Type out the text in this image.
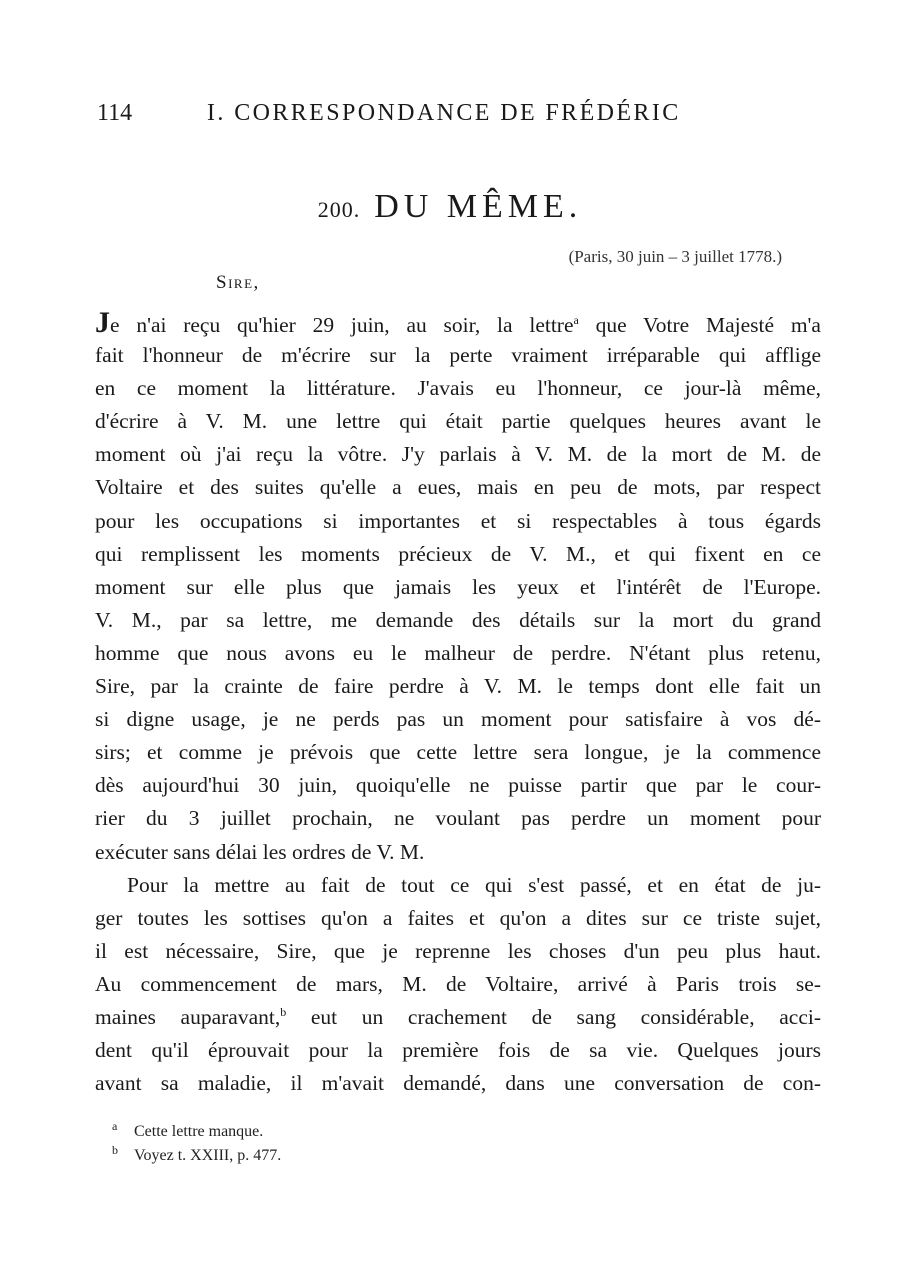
114	I. CORRESPONDANCE DE FRÉDÉRIC
200. DU MÊME.
(Paris, 30 juin – 3 juillet 1778.)
Sire,
Je n'ai reçu qu'hier 29 juin, au soir, la lettre$^a$ que Votre Majesté m'a
fait l'honneur de m'écrire sur la perte vraiment irréparable qui afflige
en ce moment la littérature. J'avais eu l'honneur, ce jour-là même,
d'écrire à V. M. une lettre qui était partie quelques heures avant le
moment où j'ai reçu la vôtre. J'y parlais à V. M. de la mort de M. de
Voltaire et des suites qu'elle a eues, mais en peu de mots, par respect
pour les occupations si importantes et si respectables à tous égards
qui remplissent les moments précieux de V. M., et qui fixent en ce
moment sur elle plus que jamais les yeux et l'intérêt de l'Europe.
V. M., par sa lettre, me demande des détails sur la mort du grand
homme que nous avons eu le malheur de perdre. N'étant plus retenu,
Sire, par la crainte de faire perdre à V. M. le temps dont elle fait un
si digne usage, je ne perds pas un moment pour satisfaire à vos dé-
sirs; et comme je prévois que cette lettre sera longue, je la commence
dès aujourd'hui 30 juin, quoiqu'elle ne puisse partir que par le cour-
rier du 3 juillet prochain, ne voulant pas perdre un moment pour
exécuter sans délai les ordres de V. M.
Pour la mettre au fait de tout ce qui s'est passé, et en état de ju-
ger toutes les sottises qu'on a faites et qu'on a dites sur ce triste sujet,
il est nécessaire, Sire, que je reprenne les choses d'un peu plus haut.
Au commencement de mars, M. de Voltaire, arrivé à Paris trois se-
maines auparavant,$^b$ eut un crachement de sang considérable, acci-
dent qu'il éprouvait pour la première fois de sa vie. Quelques jours
avant sa maladie, il m'avait demandé, dans une conversation de con-
a Cette lettre manque.
b Voyez t. XXIII, p. 477.
